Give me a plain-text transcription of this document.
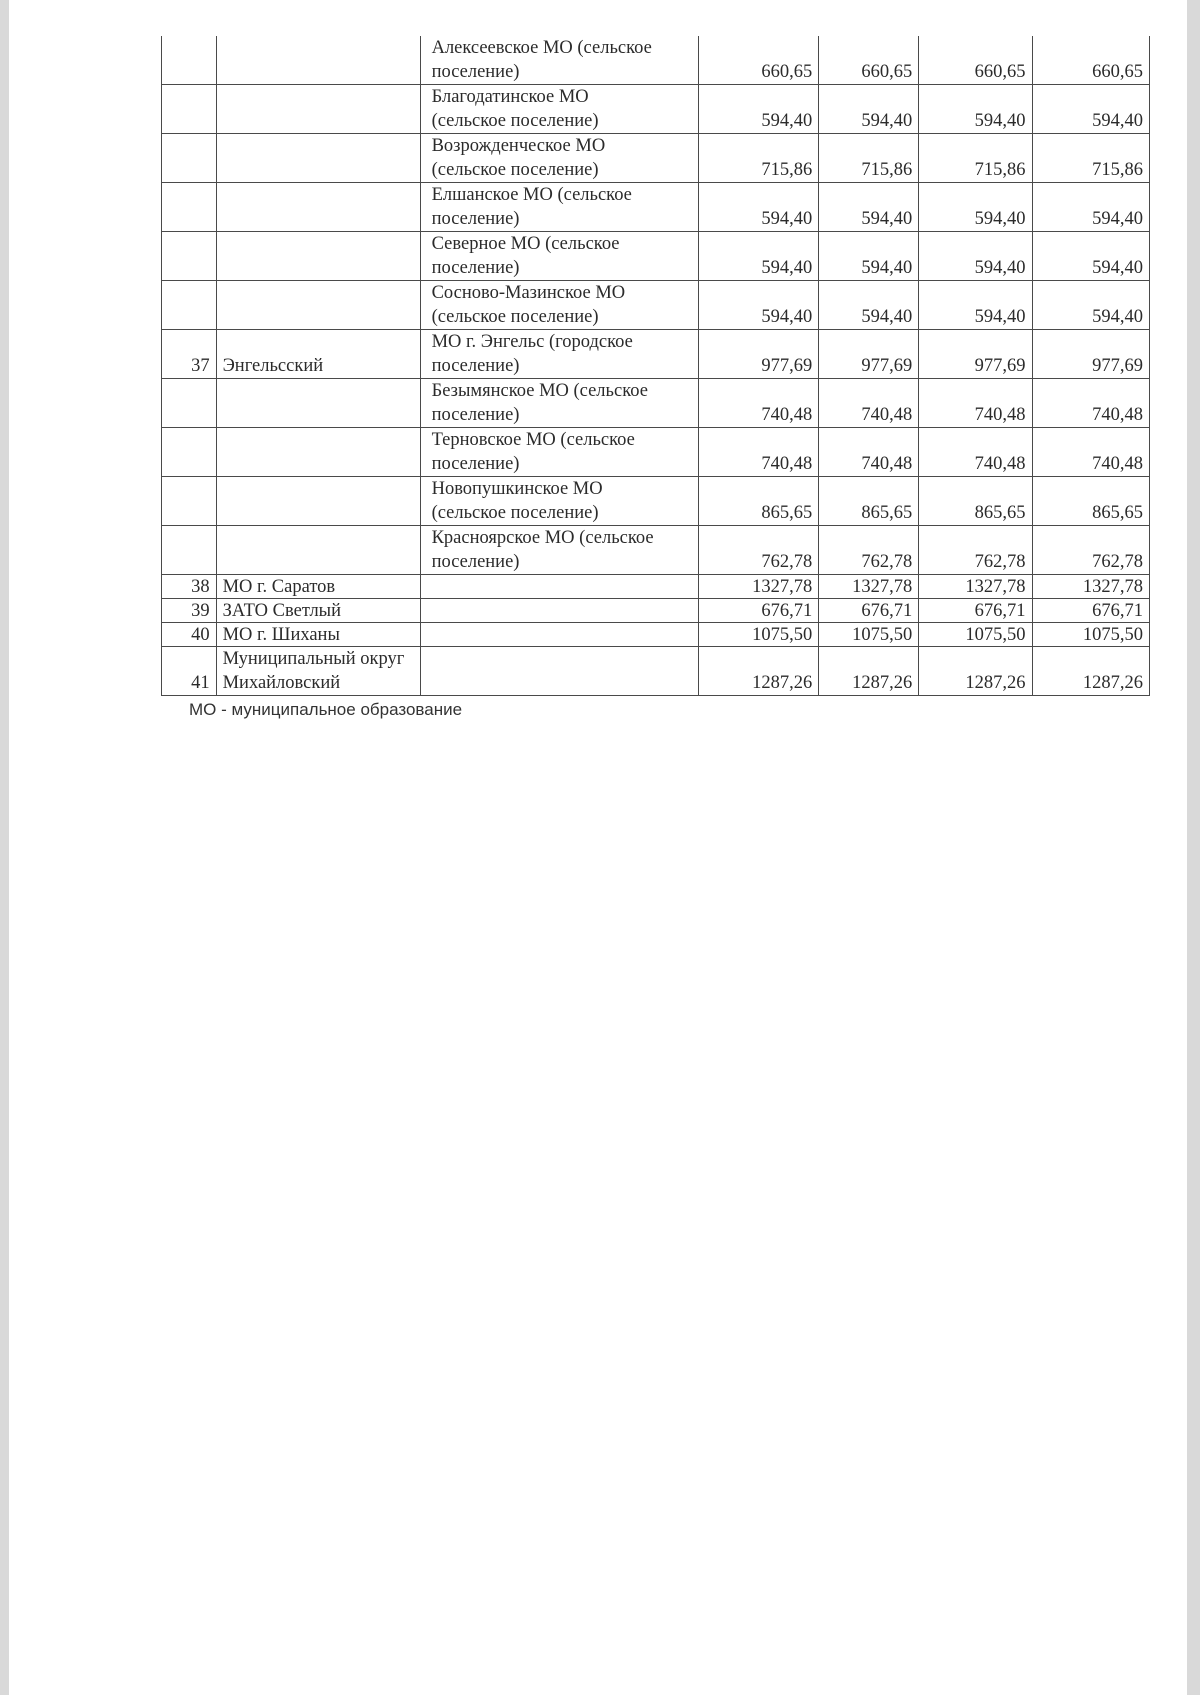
		Алексеевское МО (сельское
поселение)	660,65	660,65	660,65	660,65

		Благодатинское МО
(сельское поселение)	594,40	594,40	594,40	594,40

		Возрожденческое МО
(сельское поселение)	715,86	715,86	715,86	715,86

		Елшанское МО (сельское
поселение)	594,40	594,40	594,40	594,40

		Северное МО (сельское
поселение)	594,40	594,40	594,40	594,40

		Сосново-Мазинское МО
(сельское поселение)	594,40	594,40	594,40	594,40
37	Энгельсский	МО г. Энгельс (городское
поселение)	977,69	977,69	977,69	977,69

		Безымянское МО (сельское
поселение)	740,48	740,48	740,48	740,48

		Терновское МО (сельское
поселение)	740,48	740,48	740,48	740,48

		Новопушкинское МО
(сельское поселение)	865,65	865,65	865,65	865,65

		Красноярское МО (сельское
поселение)	762,78	762,78	762,78	762,78
38	МО г. Саратов		1327,78	1327,78	1327,78	1327,78
39	ЗАТО Светлый		676,71	676,71	676,71	676,71
40	МО г. Шиханы		1075,50	1075,50	1075,50	1075,50
41	Муниципальный округ Михайловский		1287,26	1287,26	1287,26	1287,26
МО - муниципальное образование
